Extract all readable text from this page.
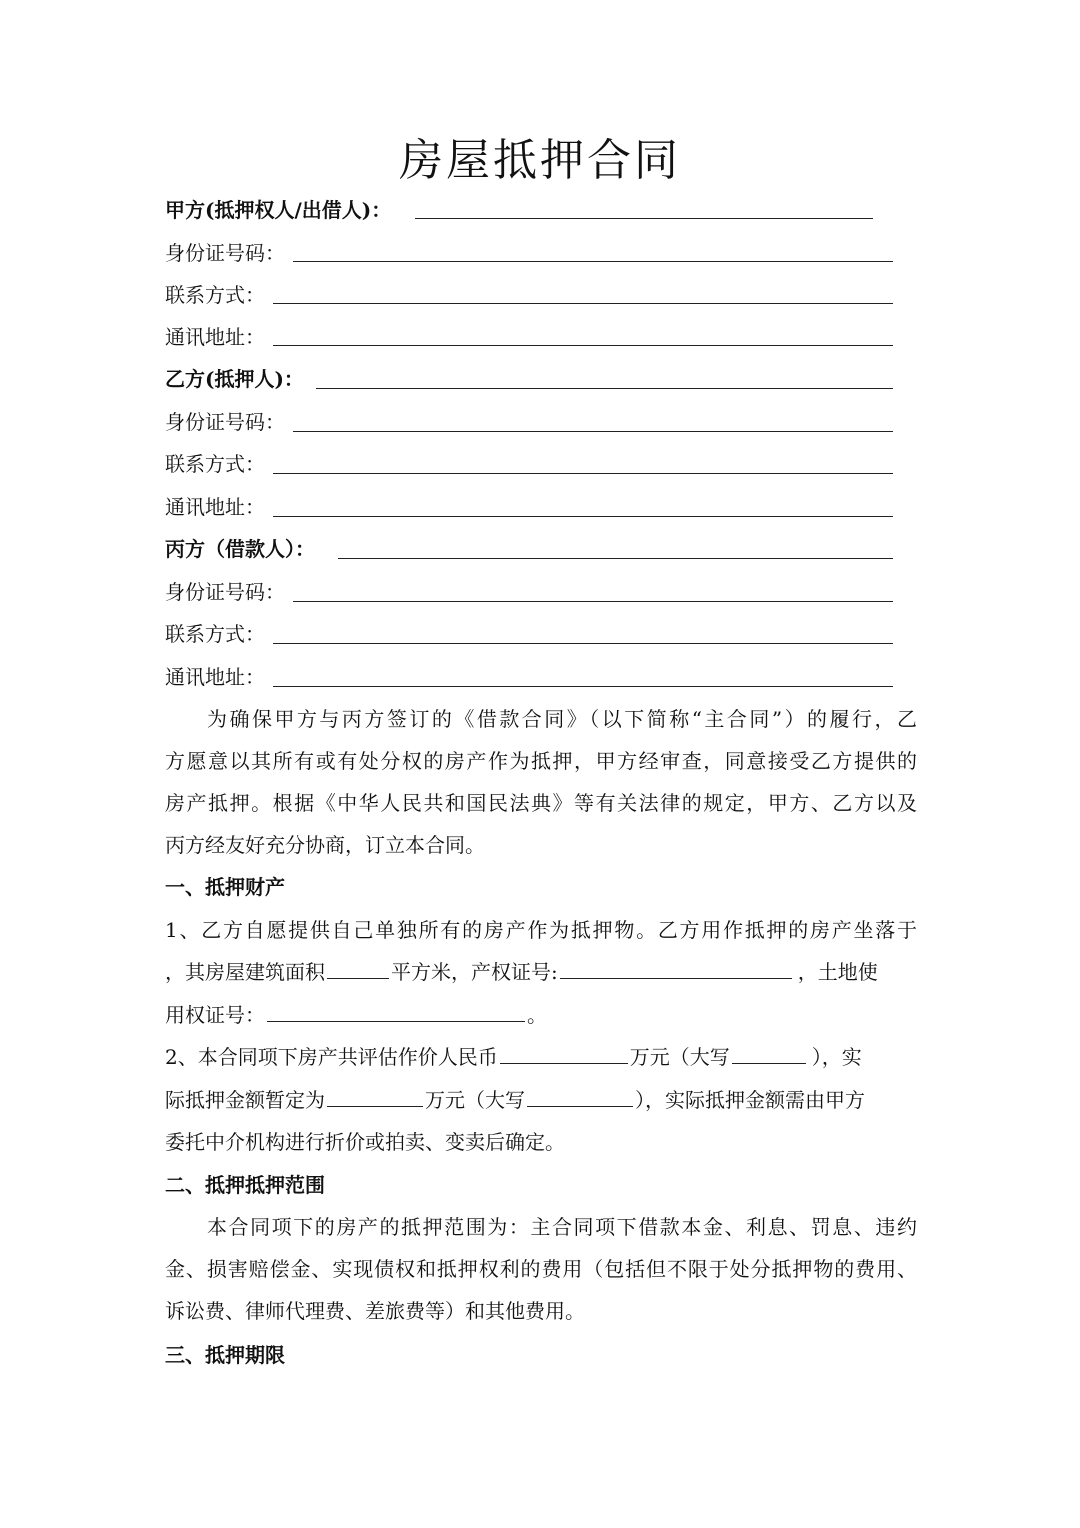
房屋抵押合同
甲方(抵押权人/出借人)：
身份证号码：
联系方式：
通讯地址：
乙方(抵押人)：
身份证号码：
联系方式：
通讯地址：
丙方（借款人）：
身份证号码：
联系方式：
通讯地址：
为确保甲方与丙方签订的《借款合同》（以下简称“主合同”）的履行，乙
方愿意以其所有或有处分权的房产作为抵押，甲方经审查，同意接受乙方提供的
房产抵押。根据《中华人民共和国民法典》等有关法律的规定，甲方、乙方以及
丙方经友好充分协商，订立本合同。
一、抵押财产
1、乙方自愿提供自己单独所有的房产作为抵押物。乙方用作抵押的房产坐落于
，其房屋建筑面积	平方米，产权证号:	，土地使
用权证号：	。
2、本合同项下房产共评估作价人民币	万元（大写	），实
际抵押金额暂定为	万元（大写	），实际抵押金额需由甲方
委托中介机构进行折价或拍卖、变卖后确定。
二、抵押抵押范围
本合同项下的房产的抵押范围为：主合同项下借款本金、利息、罚息、违约
金、损害赔偿金、实现债权和抵押权利的费用（包括但不限于处分抵押物的费用、
诉讼费、律师代理费、差旅费等）和其他费用。
三、抵押期限
